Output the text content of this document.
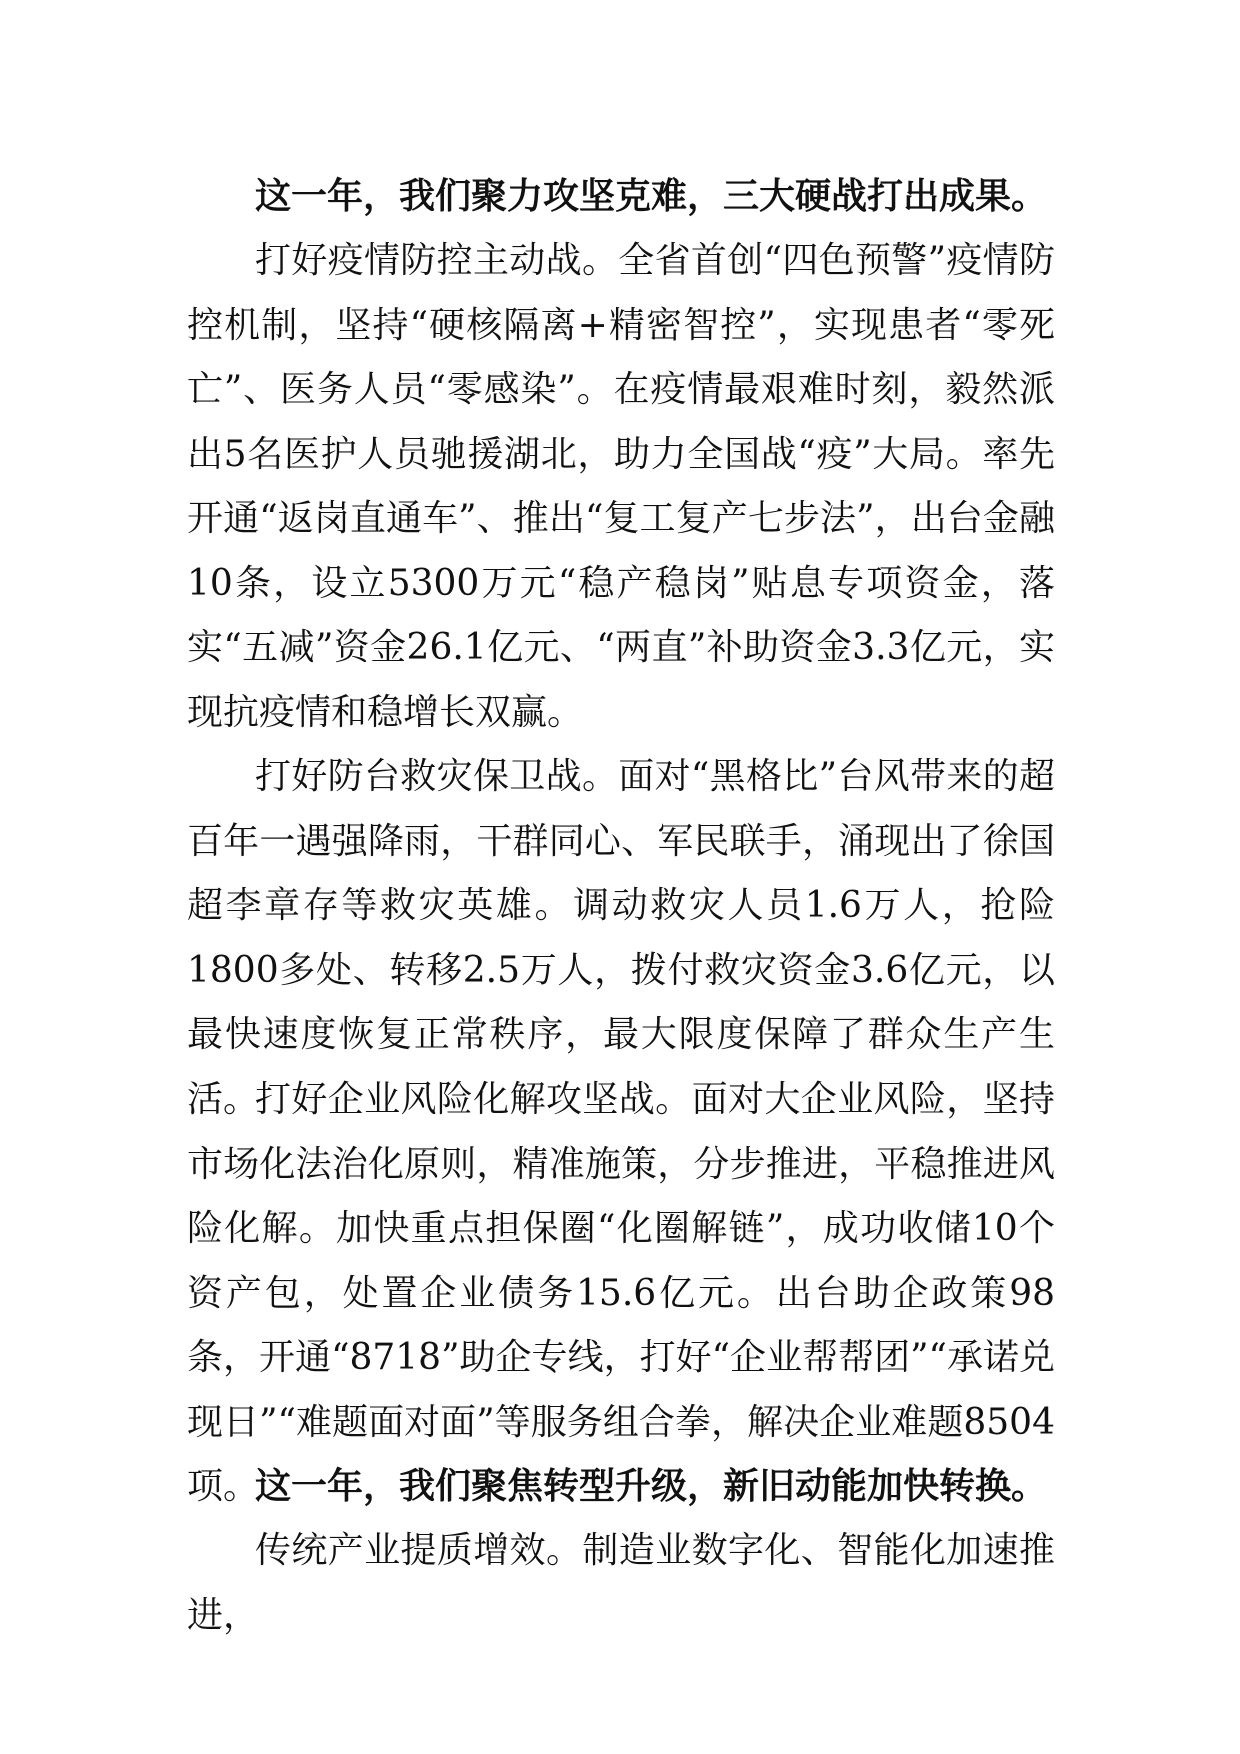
这一年，我们聚力攻坚克难，三大硬战打出成果。

打好疫情防控主动战。全省首创“四色预警”疫情防控机制，坚持“硬核隔离+精密智控”，实现患者“零死亡”、医务人员“零感染”。在疫情最艰难时刻，毅然派出5名医护人员驰援湖北，助力全国战“疫”大局。率先开通“返岗直通车”、推出“复工复产七步法”，出台金融10条，设立5300万元“稳产稳岗”贴息专项资金，落实“五减”资金26.1亿元、“两直”补助资金3.3亿元，实现抗疫情和稳增长双赢。

打好防台救灾保卫战。面对“黑格比”台风带来的超百年一遇强降雨，干群同心、军民联手，涌现出了徐国超李章存等救灾英雄。调动救灾人员1.6万人，抢险1800多处、转移2.5万人，拨付救灾资金3.6亿元，以最快速度恢复正常秩序，最大限度保障了群众生产生活。

打好企业风险化解攻坚战。面对大企业风险，坚持市场化法治化原则，精准施策，分步推进，平稳推进风险化解。加快重点担保圈“化圈解链”，成功收储10个资产包，处置企业债务15.6亿元。出台助企政策98条，开通“8718”助企专线，打好“企业帮帮团”“承诺兑现日”“难题面对面”等服务组合拳，解决企业难题8504项。

这一年，我们聚焦转型升级，新旧动能加快转换。

传统产业提质增效。制造业数字化、智能化加速推进，
